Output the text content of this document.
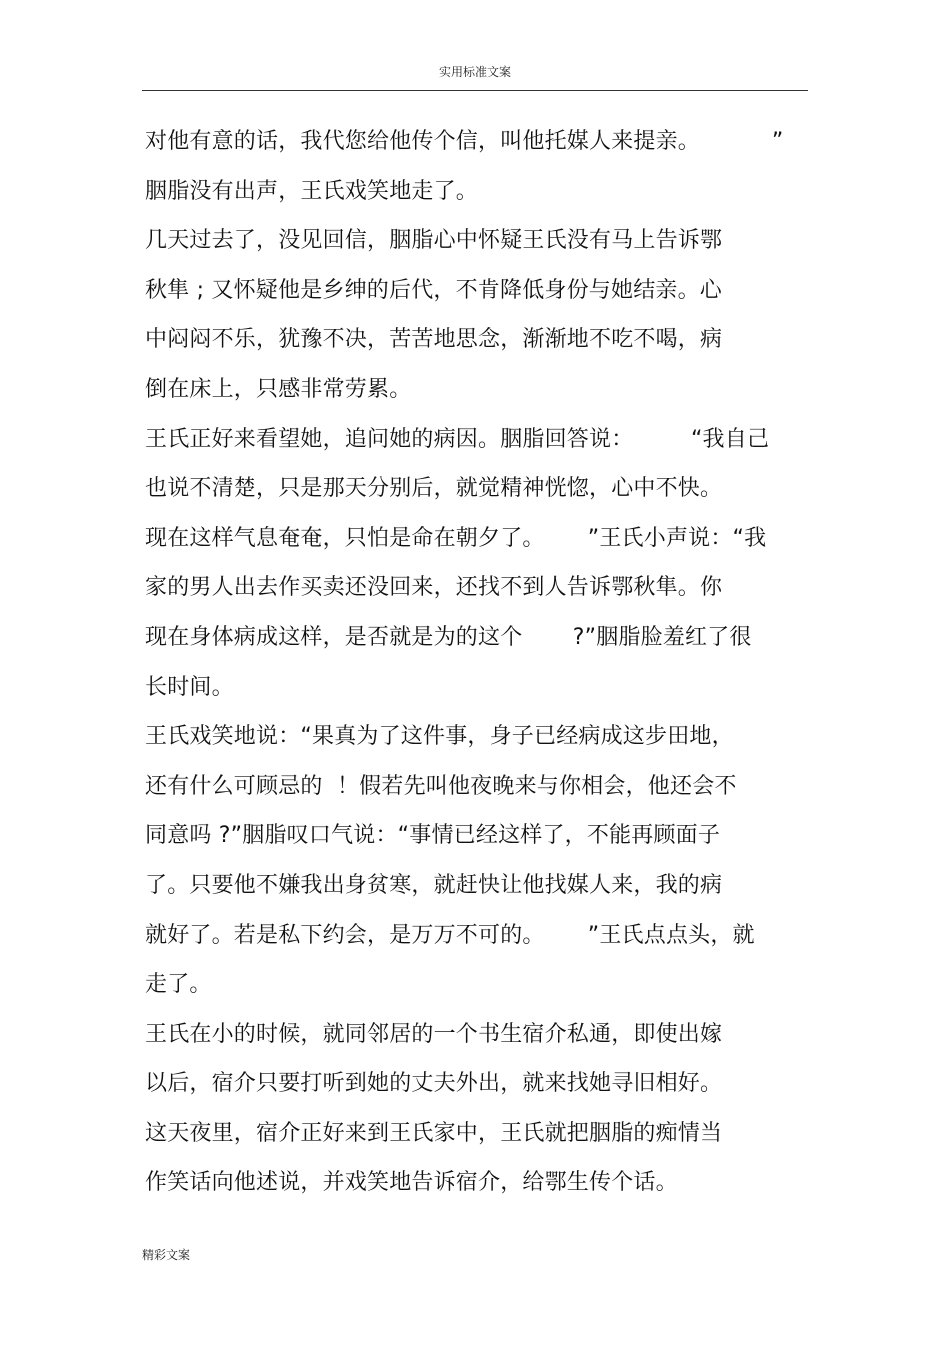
实用标准文案
对他有意的话，我代您给他传个信，叫他托媒人来提亲。          ”
胭脂没有出声，王氏戏笑地走了。
几天过去了，没见回信，胭脂心中怀疑王氏没有马上告诉鄂
秋隼 ; 又怀疑他是乡绅的后代，不肯降低身份与她结亲。心
中闷闷不乐，犹豫不决，苦苦地思念，渐渐地不吃不喝，病
倒在床上，只感非常劳累。
王氏正好来看望她，追问她的病因。胭脂回答说：        “我自己
也说不清楚，只是那天分别后，就觉精神恍惚，心中不快。
现在这样气息奄奄，只怕是命在朝夕了。      ”王氏小声说：“我
家的男人出去作买卖还没回来，还找不到人告诉鄂秋隼。你
现在身体病成这样，是否就是为的这个       ?”胭脂脸羞红了很
长时间。
王氏戏笑地说：“果真为了这件事，身子已经病成这步田地，
还有什么可顾忌的  ！假若先叫他夜晚来与你相会，他还会不
同意吗 ?”胭脂叹口气说：“事情已经这样了，不能再顾面子
了。只要他不嫌我出身贫寒，就赶快让他找媒人来，我的病
就好了。若是私下约会，是万万不可的。      ”王氏点点头，就
走了。
王氏在小的时候，就同邻居的一个书生宿介私通，即使出嫁
以后，宿介只要打听到她的丈夫外出，就来找她寻旧相好。
这天夜里，宿介正好来到王氏家中，王氏就把胭脂的痴情当
作笑话向他述说，并戏笑地告诉宿介，给鄂生传个话。
精彩文案
